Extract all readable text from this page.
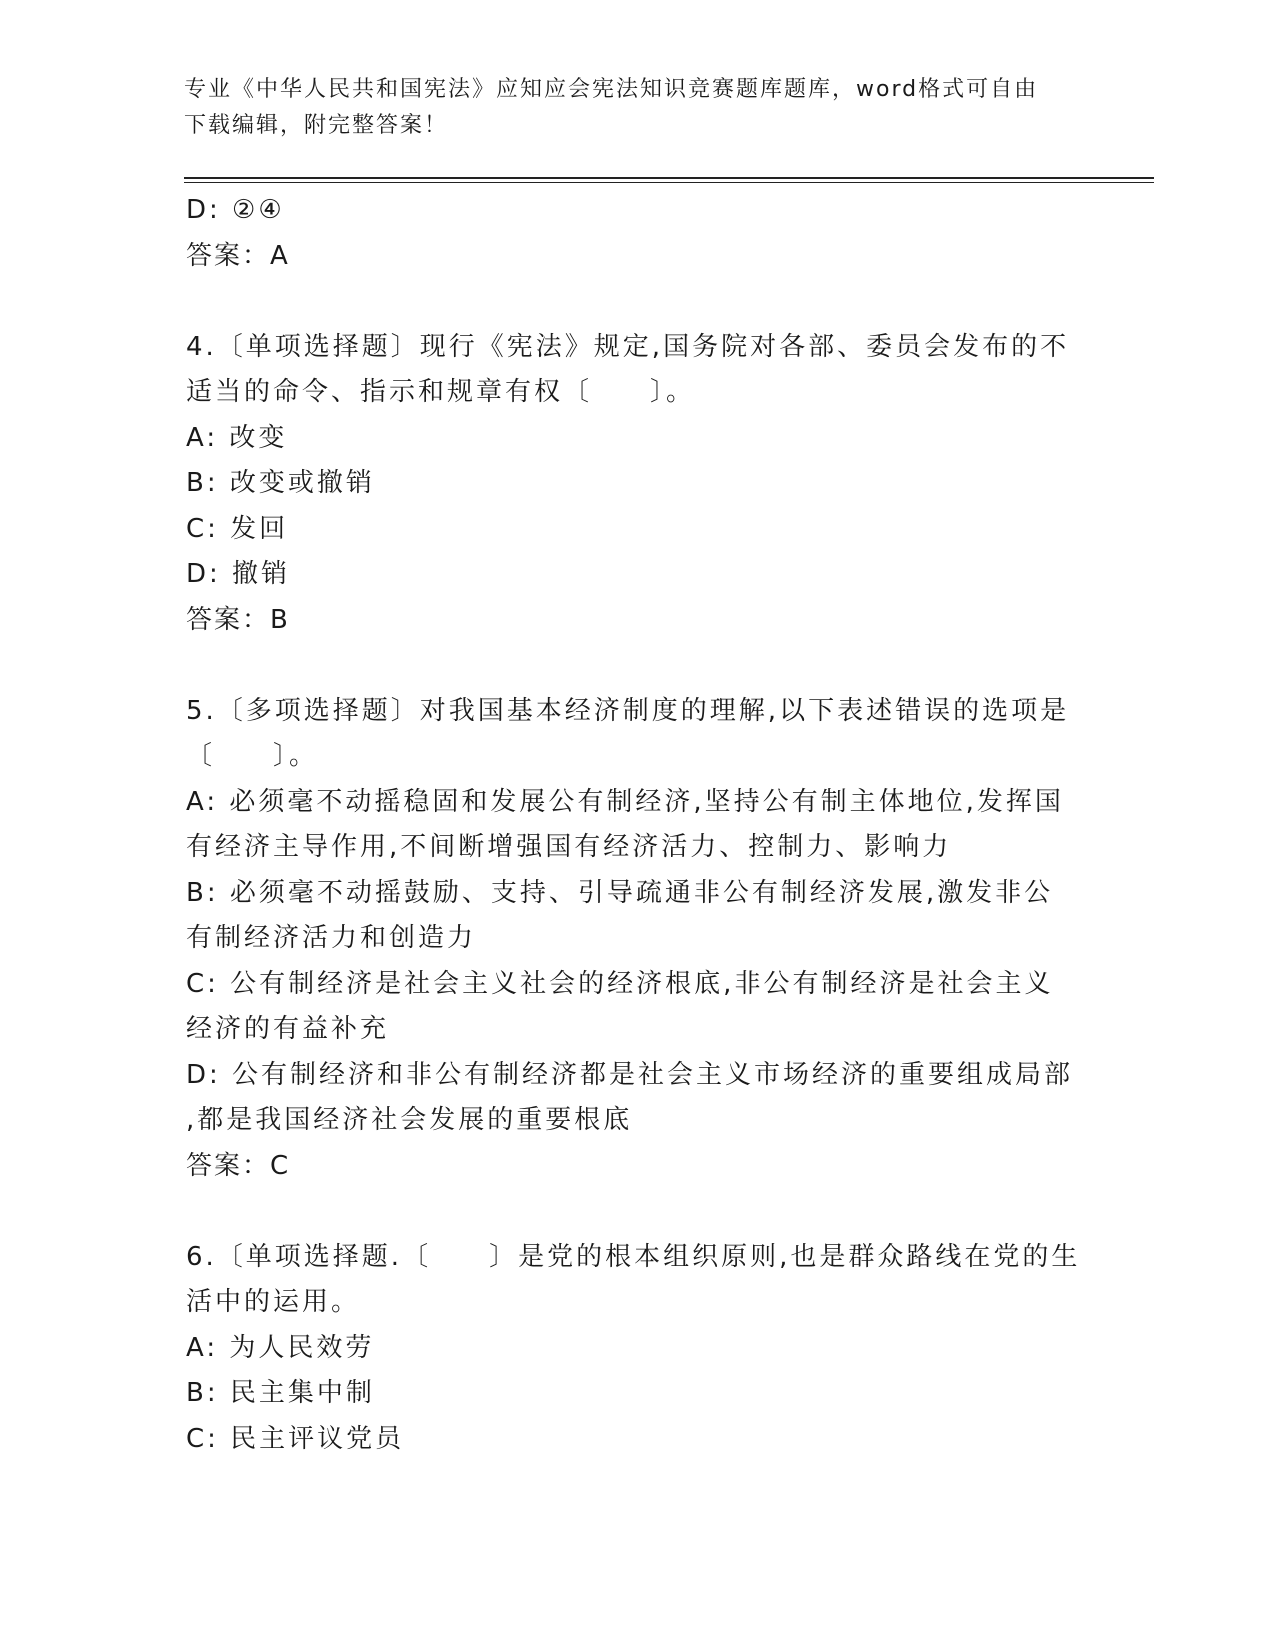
专业《中华人民共和国宪法》应知应会宪法知识竞赛题库题库，word格式可自由
下载编辑，附完整答案！
D: ②④
答案：A
4.〔单项选择题〕现行《宪法》规定,国务院对各部、委员会发布的不
适当的命令、指示和规章有权〔　　〕。
A: 改变
B: 改变或撤销
C: 发回
D: 撤销
答案：B
5.〔多项选择题〕对我国基本经济制度的理解,以下表述错误的选项是
〔　　〕。
A: 必须毫不动摇稳固和发展公有制经济,坚持公有制主体地位,发挥国
有经济主导作用,不间断增强国有经济活力、控制力、影响力
B: 必须毫不动摇鼓励、支持、引导疏通非公有制经济发展,激发非公
有制经济活力和创造力
C: 公有制经济是社会主义社会的经济根底,非公有制经济是社会主义
经济的有益补充
D: 公有制经济和非公有制经济都是社会主义市场经济的重要组成局部
,都是我国经济社会发展的重要根底
答案：C
6.〔单项选择题.〔　　〕是党的根本组织原则,也是群众路线在党的生
活中的运用。
A: 为人民效劳
B: 民主集中制
C: 民主评议党员
